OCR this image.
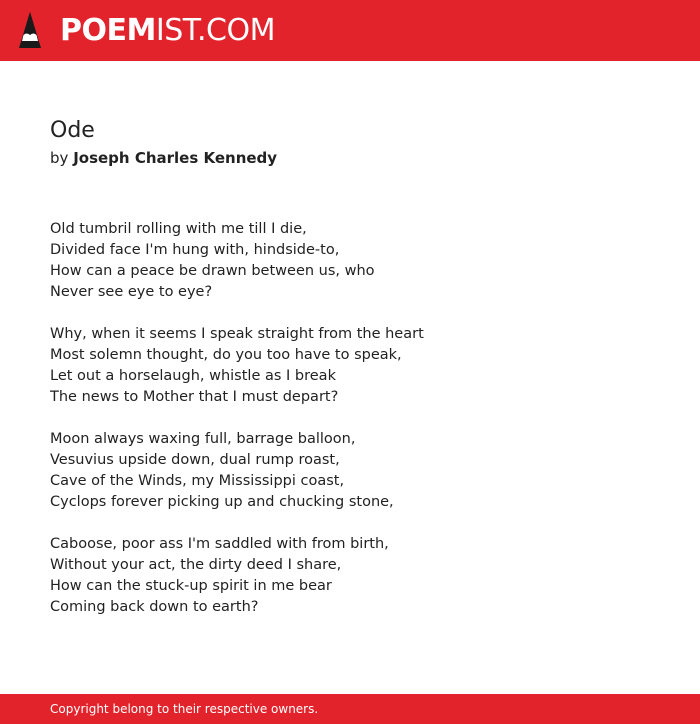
POEMIST.COM
Ode
by Joseph Charles Kennedy
Old tumbril rolling with me till I die,
Divided face I'm hung with, hindside-to,
How can a peace be drawn between us, who
Never see eye to eye?
Why, when it seems I speak straight from the heart
Most solemn thought, do you too have to speak,
Let out a horselaugh, whistle as I break
The news to Mother that I must depart?
Moon always waxing full, barrage balloon,
Vesuvius upside down, dual rump roast,
Cave of the Winds, my Mississippi coast,
Cyclops forever picking up and chucking stone,
Caboose, poor ass I'm saddled with from birth,
Without your act, the dirty deed I share,
How can the stuck-up spirit in me bear
Coming back down to earth?
Copyright belong to their respective owners.
